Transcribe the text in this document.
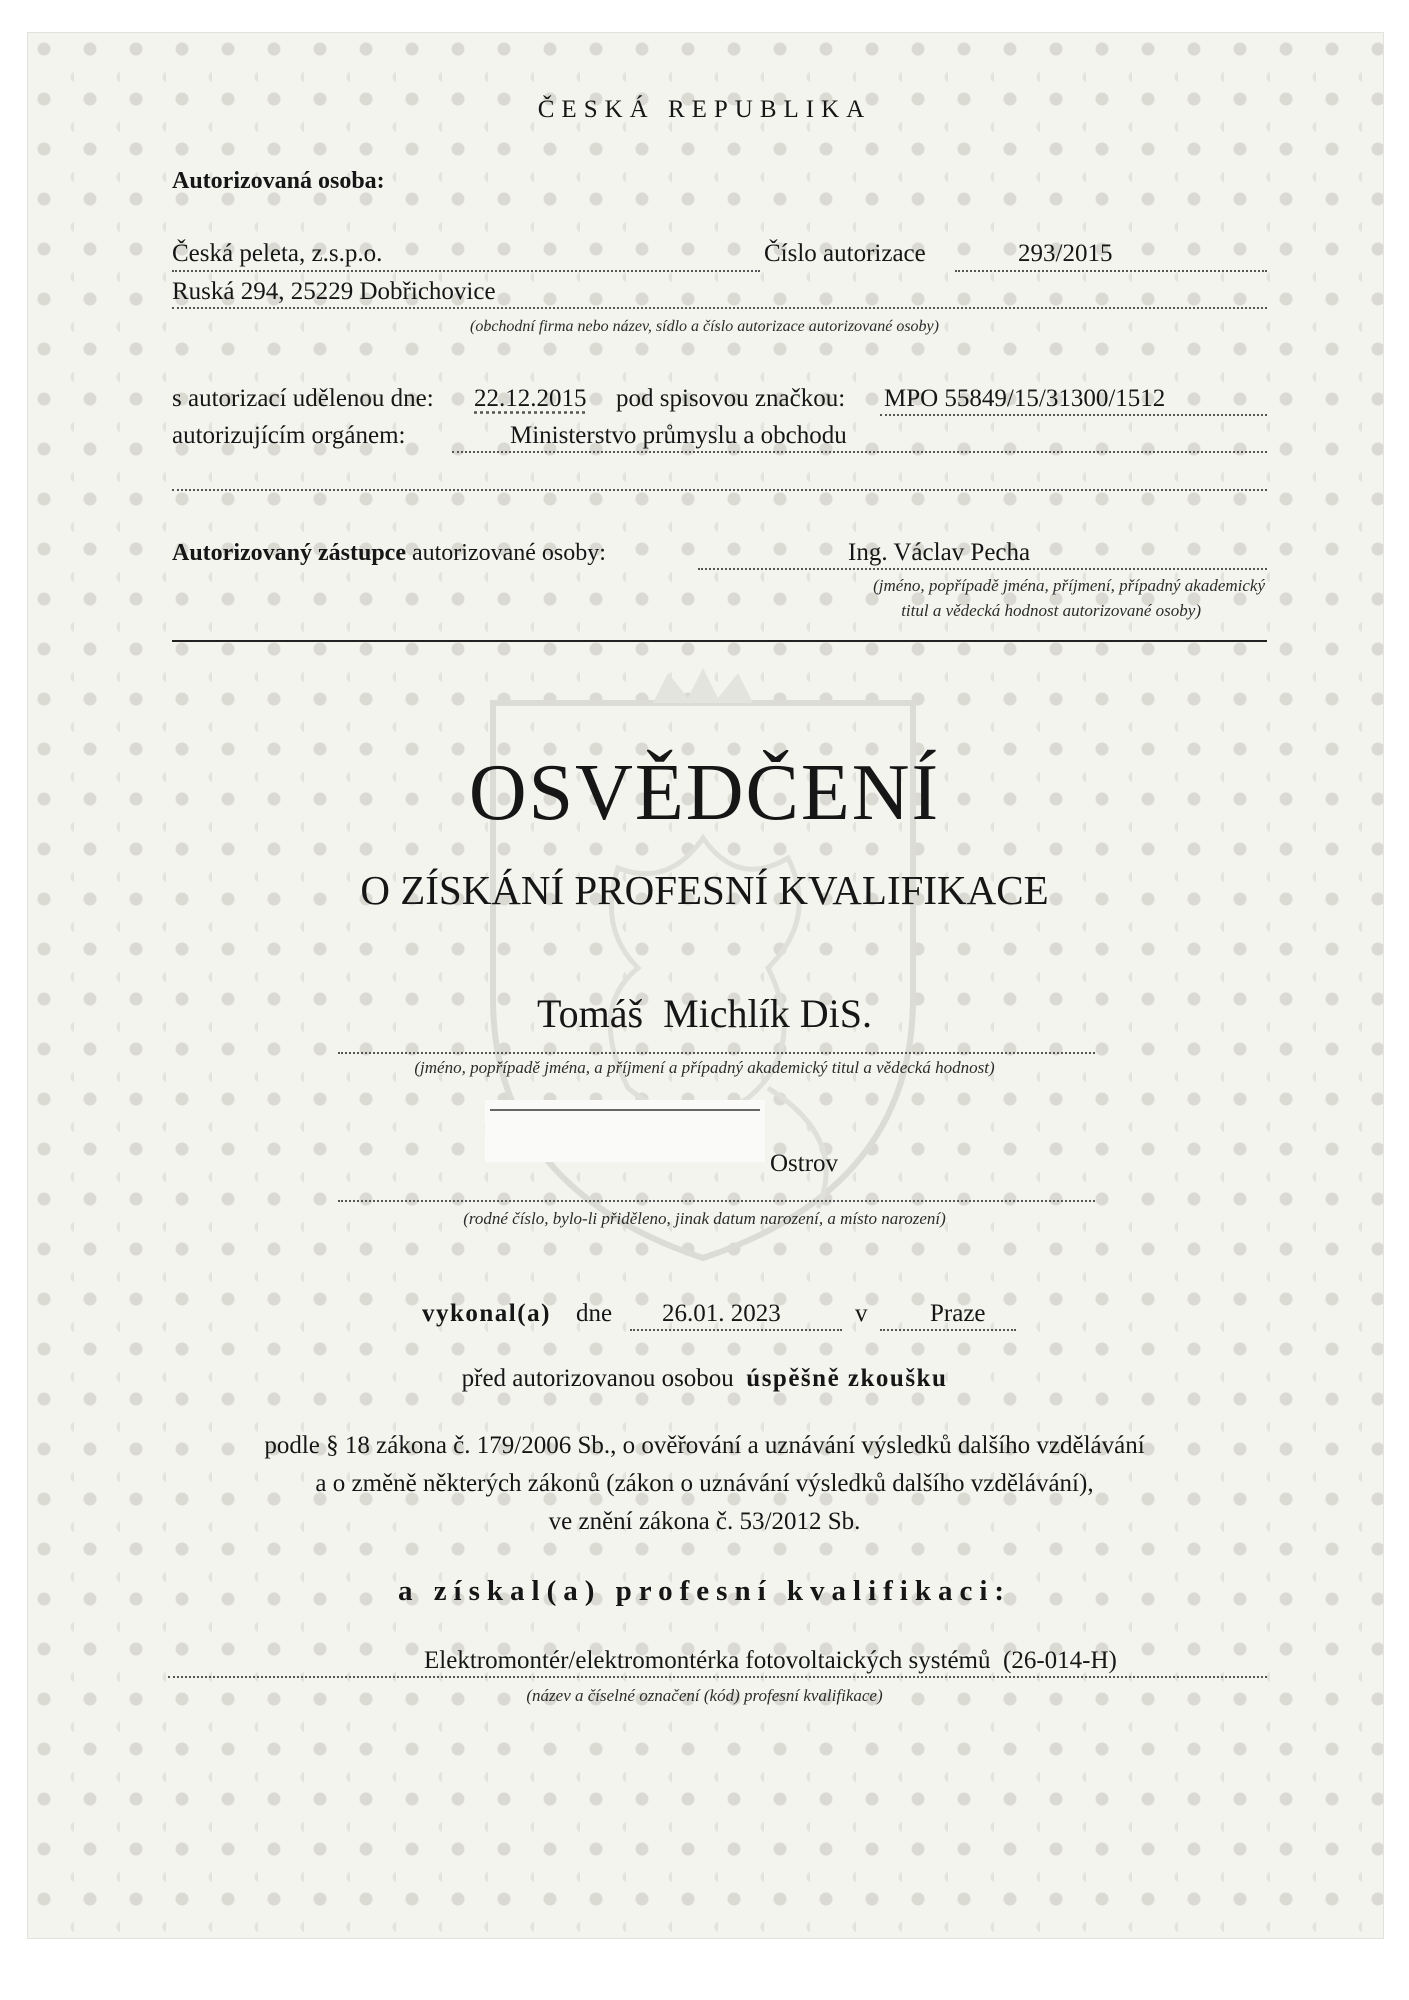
ČESKÁ REPUBLIKA
Autorizovaná osoba:
Česká peleta, z.s.p.o.	Číslo autorizace	293/2015
Ruská 294, 25229 Dobřichovice
(obchodní firma nebo název, sídlo a číslo autorizace autorizované osoby)
s autorizací udělenou dne: 22.12.2015 pod spisovou značkou: MPO 55849/15/31300/1512
autorizujícím orgánem:	Ministerstvo průmyslu a obchodu
Autorizovaný zástupce autorizované osoby:	Ing. Václav Pecha
(jméno, popřípadě jména, příjmení, případný akademický
titul a vědecká hodnost autorizované osoby)
OSVĚDČENÍ
O ZÍSKÁNÍ PROFESNÍ KVALIFIKACE
Tomáš  Michlík DiS.
(jméno, popřípadě jména, a příjmení a případný akademický titul a vědecká hodnost)
Ostrov
(rodné číslo, bylo-li přiděleno, jinak datum narození, a místo narození)
vykonal(a) dne 26.01. 2023	v	Praze
před autorizovanou osobou úspěšně zkoušku
podle § 18 zákona č. 179/2006 Sb., o ověřování a uznávání výsledků dalšího vzdělávání
a o změně některých zákonů (zákon o uznávání výsledků dalšího vzdělávání),
ve znění zákona č. 53/2012 Sb.
a získal(a) profesní kvalifikaci:
Elektromontér/elektromontérka fotovoltaických systémů  (26-014-H)
(název a číselné označení (kód) profesní kvalifikace)
